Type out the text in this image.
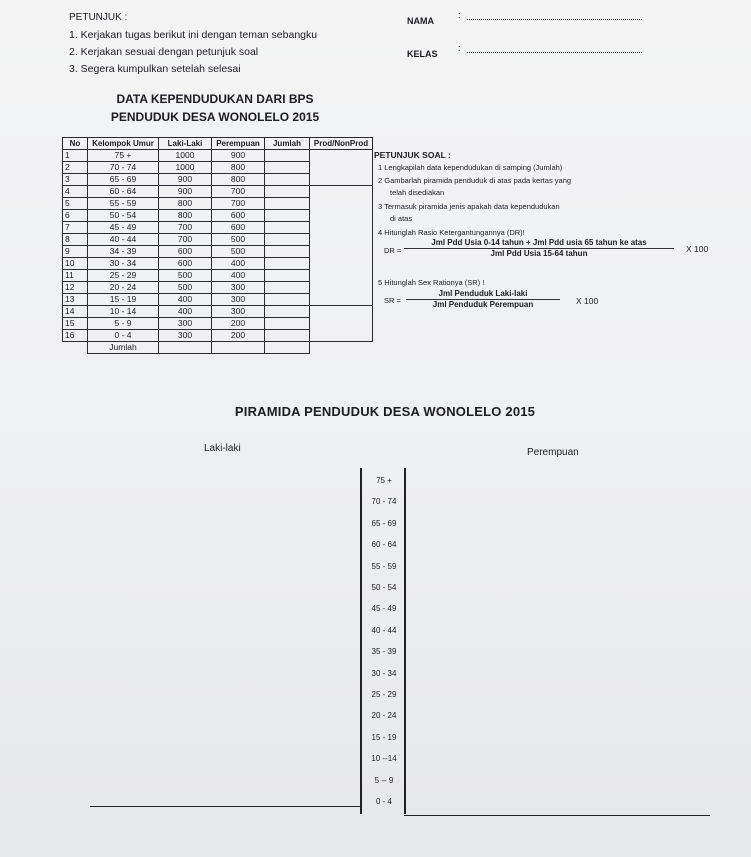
PETUNJUK :
1. Kerjakan tugas berikut ini dengan teman sebangku
2. Kerjakan sesuai dengan petunjuk soal
3. Segera kumpulkan setelah selesai
NAMA
:
KELAS
:
DATA KEPENDUDUKAN DARI BPS
PENDUDUK DESA WONOLELO 2015
No	Kelompok Umur	Laki-Laki	Perempuan	Jumlah	Prod/NonProd
1	75 +	1000	900		
2	70 - 74	1000	800		
3	65 - 69	900	800		
4	60 - 64	900	700		
5	55 - 59	800	700		
6	50 - 54	800	600		
7	45 - 49	700	600		
8	40 - 44	700	500		
9	34 - 39	600	500		
10	30 - 34	600	400		
11	25 - 29	500	400		
12	20 - 24	500	300		
13	15 - 19	400	300		
14	10 - 14	400	300		
15	5 - 9	300	200		
16	0 - 4	300	200		
	Jumlah				
PETUNJUK SOAL :
1 Lengkapilah data kependudukan di samping (Jumlah)
2 Gambarlah piramida penduduk di atas pada kertas yang
telah disediakan
3 Termasuk piramida jenis apakah data kependudukan
di atas
4 Hitunglah Rasio Ketergantungannya (DR)!
DR =
Jml Pdd Usia 0-14 tahun + Jml Pdd usia 65 tahun ke atas
Jml Pdd Usia 15-64 tahun	X 100
5 Hitunglah Sex Rationya (SR) !
SR =
Jml Penduduk Laki-laki
Jml Penduduk Perempuan	X 100
PIRAMIDA PENDUDUK DESA WONOLELO 2015
Laki-laki	Perempuan
75 +
70 - 74
65 - 69
60 - 64
55 - 59
50 - 54
45 - 49
40 - 44
35 - 39
30 - 34
25 - 29
20 - 24
15 - 19
10 --14
5 -- 9
0 - 4
